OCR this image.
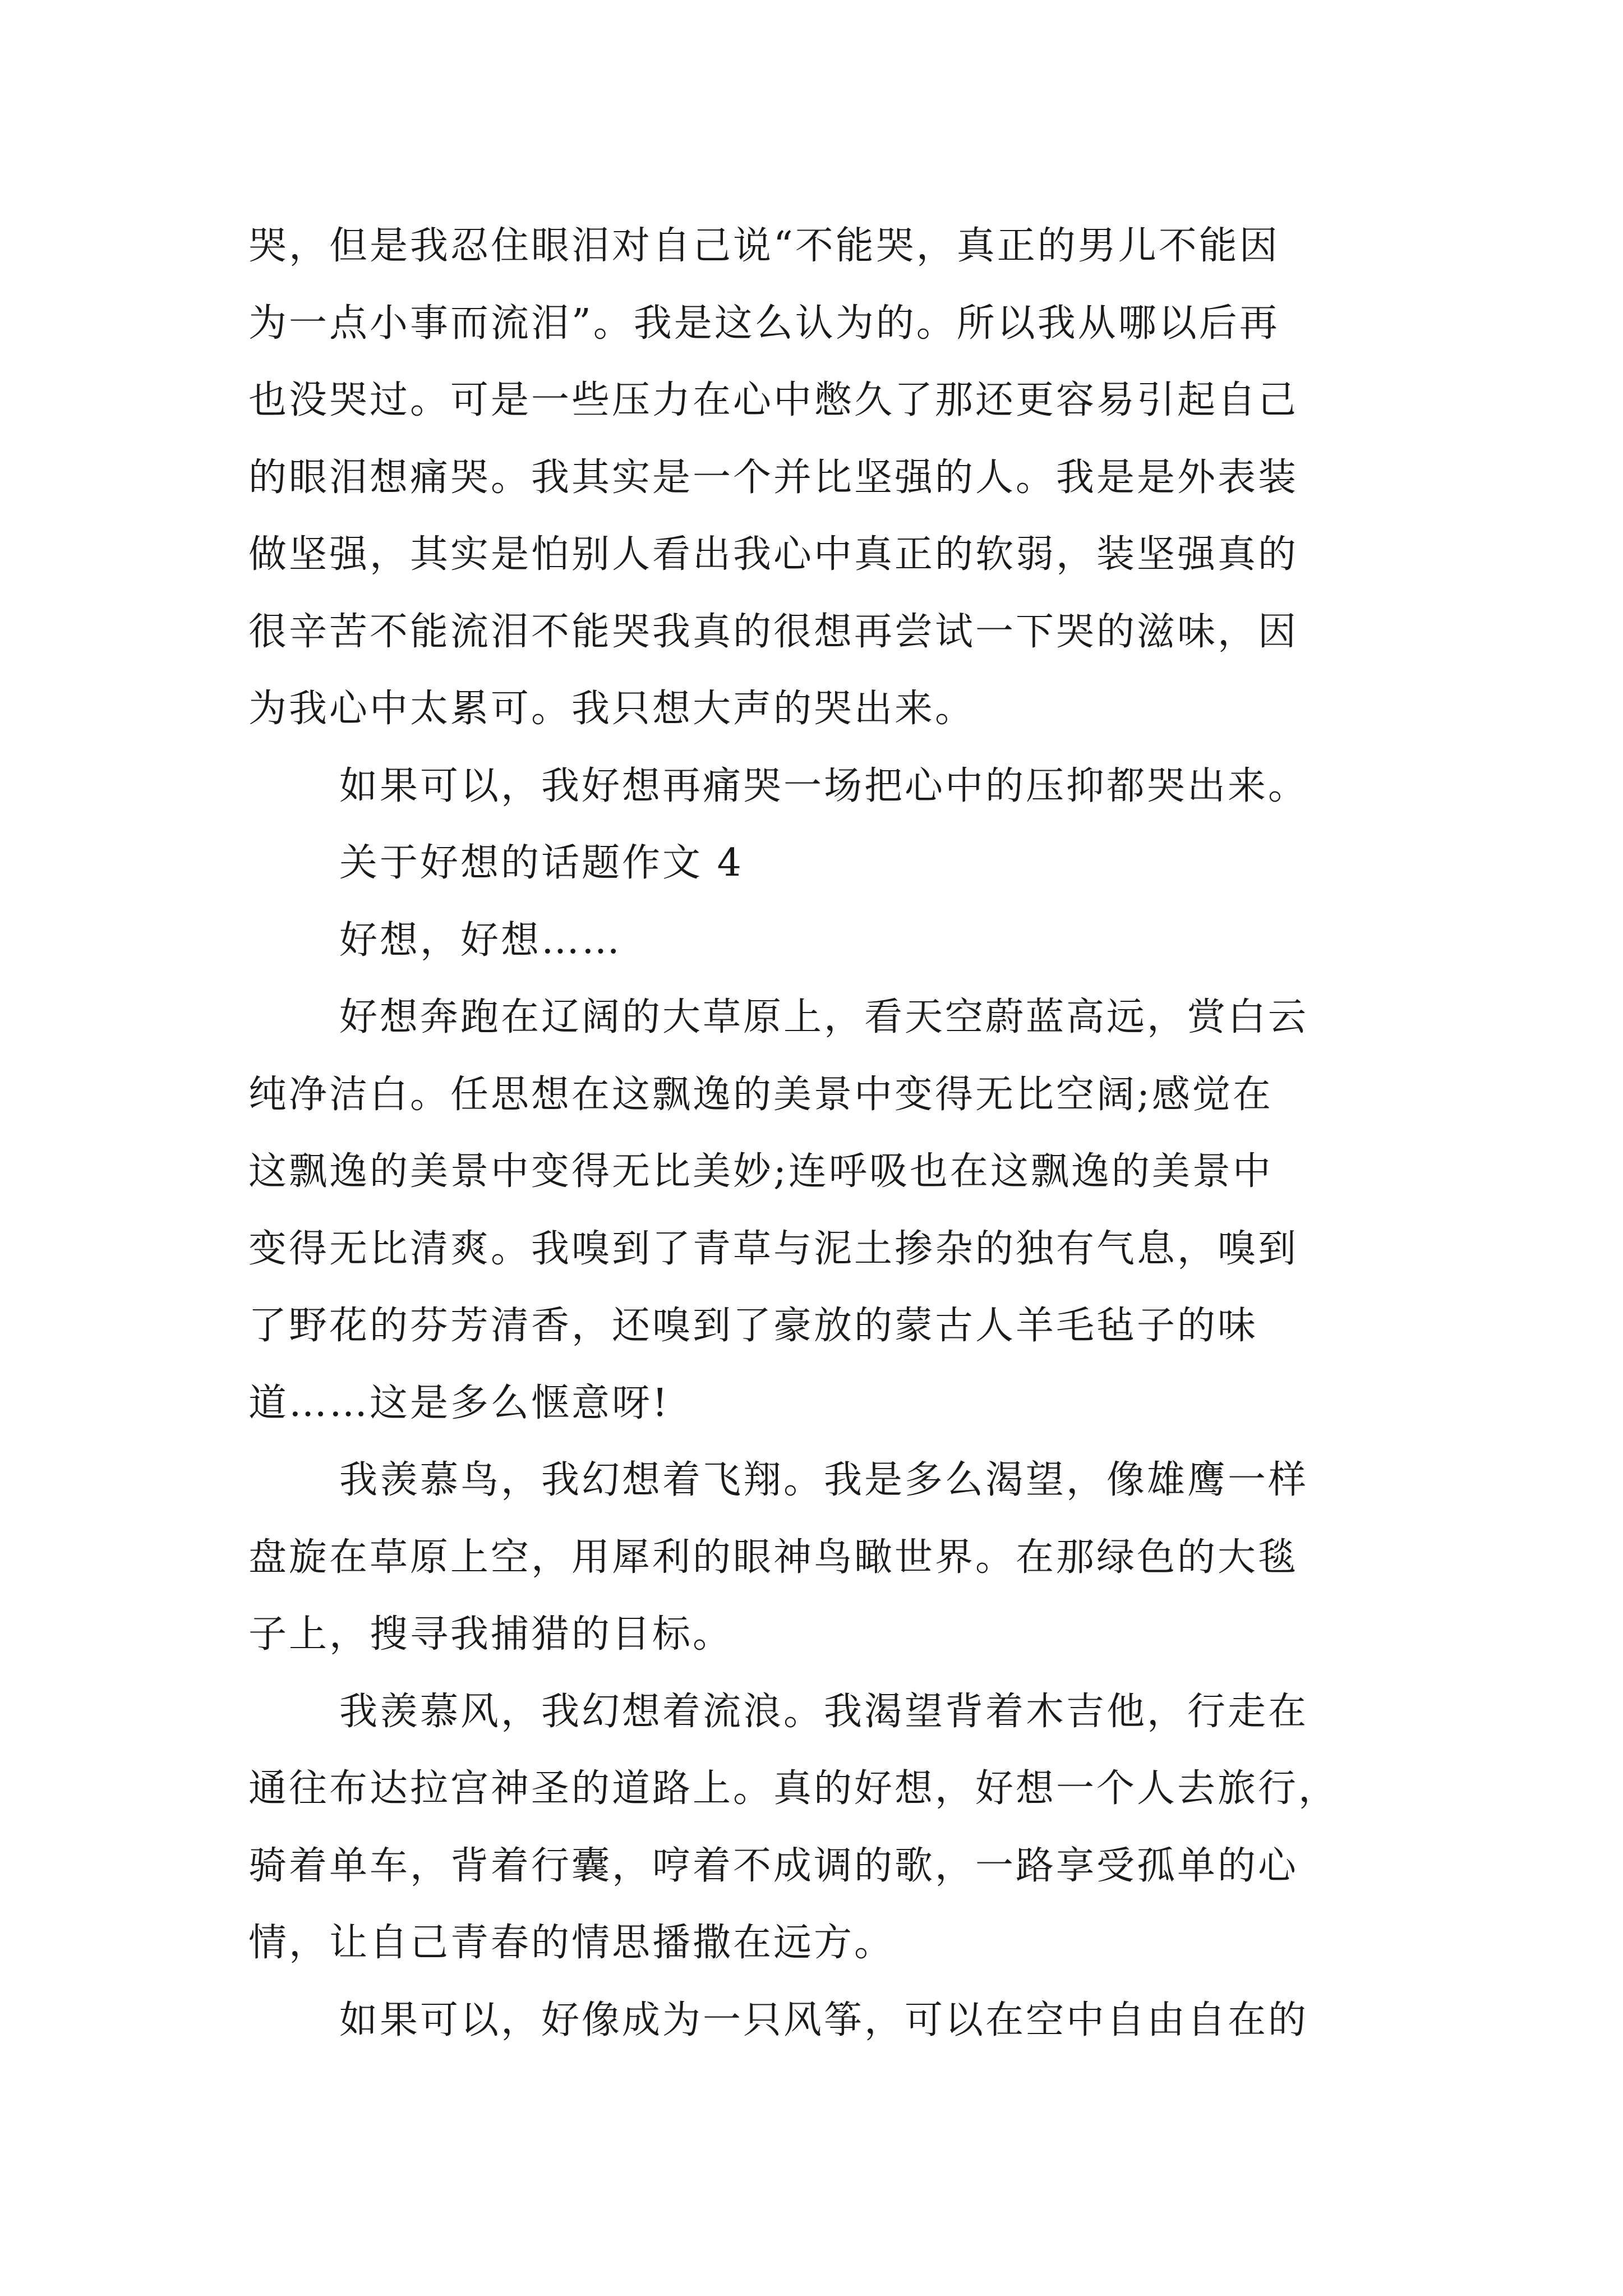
哭，但是我忍住眼泪对自己说“不能哭，真正的男儿不能因
为一点小事而流泪”。我是这么认为的。所以我从哪以后再
也没哭过。可是一些压力在心中憋久了那还更容易引起自己
的眼泪想痛哭。我其实是一个并比坚强的人。我是是外表装
做坚强，其实是怕别人看出我心中真正的软弱，装坚强真的
很辛苦不能流泪不能哭我真的很想再尝试一下哭的滋味，因
为我心中太累可。我只想大声的哭出来。
如果可以，我好想再痛哭一场把心中的压抑都哭出来。
关于好想的话题作文 4
好想，好想……
好想奔跑在辽阔的大草原上，看天空蔚蓝高远，赏白云
纯净洁白。任思想在这飘逸的美景中变得无比空阔;感觉在
这飘逸的美景中变得无比美妙;连呼吸也在这飘逸的美景中
变得无比清爽。我嗅到了青草与泥土掺杂的独有气息，嗅到
了野花的芬芳清香，还嗅到了豪放的蒙古人羊毛毡子的味
道……这是多么惬意呀!
我羡慕鸟，我幻想着飞翔。我是多么渴望，像雄鹰一样
盘旋在草原上空，用犀利的眼神鸟瞰世界。在那绿色的大毯
子上，搜寻我捕猎的目标。
我羡慕风，我幻想着流浪。我渴望背着木吉他，行走在
通往布达拉宫神圣的道路上。真的好想，好想一个人去旅行，
骑着单车，背着行囊，哼着不成调的歌，一路享受孤单的心
情，让自己青春的情思播撒在远方。
如果可以，好像成为一只风筝，可以在空中自由自在的
